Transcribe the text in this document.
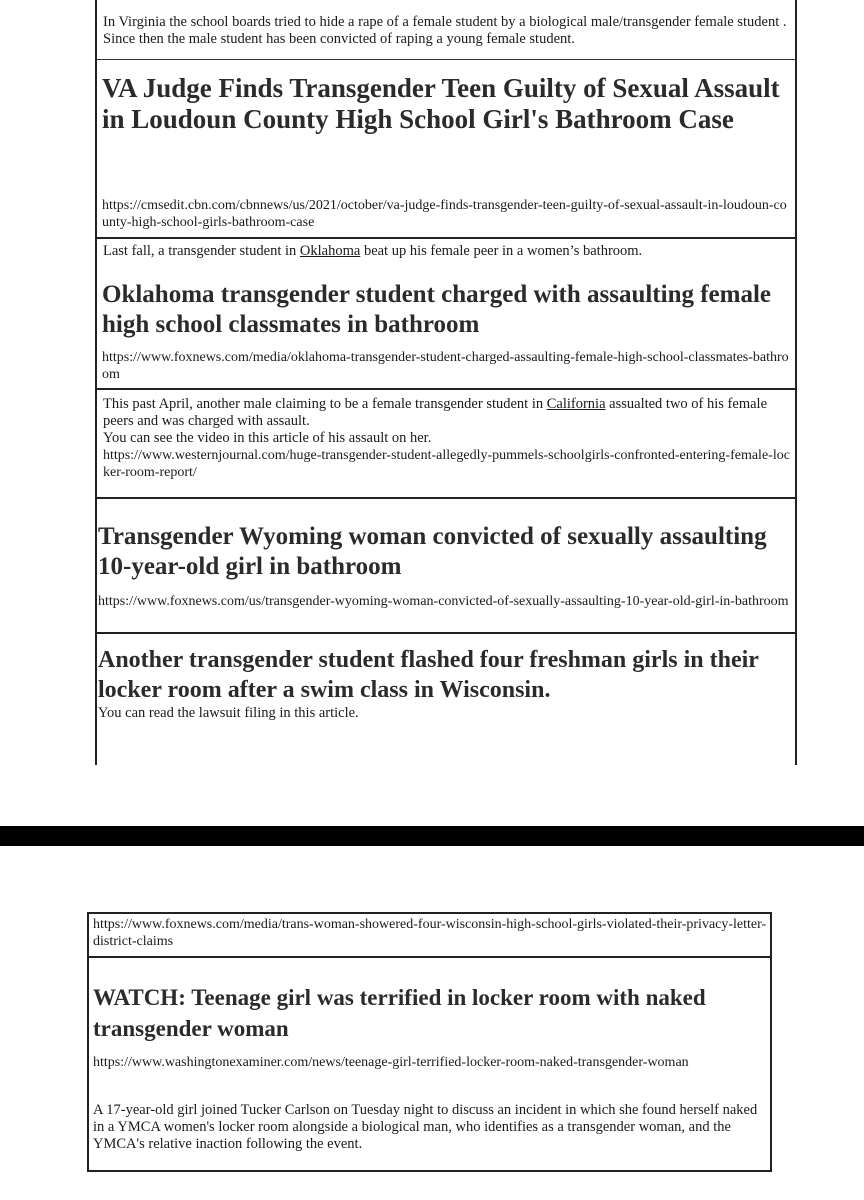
In Virginia the school boards tried to hide a rape of a female student by a biological male/transgender female student . Since then the male student has been convicted of raping a young female student.

VA Judge Finds Transgender Teen Guilty of Sexual Assault in Loudoun County High School Girl's Bathroom Case

https://cmsedit.cbn.com/cbnnews/us/2021/october/va-judge-finds-transgender-teen-guilty-of-sexual-assault-in-loudoun-county-high-school-girls-bathroom-case

Last fall, a transgender student in Oklahoma beat up his female peer in a women’s bathroom.

Oklahoma transgender student charged with assaulting female high school classmates in bathroom

https://www.foxnews.com/media/oklahoma-transgender-student-charged-assaulting-female-high-school-classmates-bathroom

This past April, another male claiming to be a female transgender student in California assualted two of his female peers and was charged with assault.

You can see the video in this article of his assault on her.

https://www.westernjournal.com/huge-transgender-student-allegedly-pummels-schoolgirls-confronted-entering-female-locker-room-report/

Transgender Wyoming woman convicted of sexually assaulting 10-year-old girl in bathroom

https://www.foxnews.com/us/transgender-wyoming-woman-convicted-of-sexually-assaulting-10-year-old-girl-in-bathroom

Another transgender student flashed four freshman girls in their locker room after a swim class in Wisconsin.

You can read the lawsuit filing in this article.

https://www.foxnews.com/media/trans-woman-showered-four-wisconsin-high-school-girls-violated-their-privacy-letter-district-claims

WATCH: Teenage girl was terrified in locker room with naked transgender woman

https://www.washingtonexaminer.com/news/teenage-girl-terrified-locker-room-naked-transgender-woman

A 17-year-old girl joined Tucker Carlson on Tuesday night to discuss an incident in which she found herself naked in a YMCA women's locker room alongside a biological man, who identifies as a transgender woman, and the YMCA's relative inaction following the event.
